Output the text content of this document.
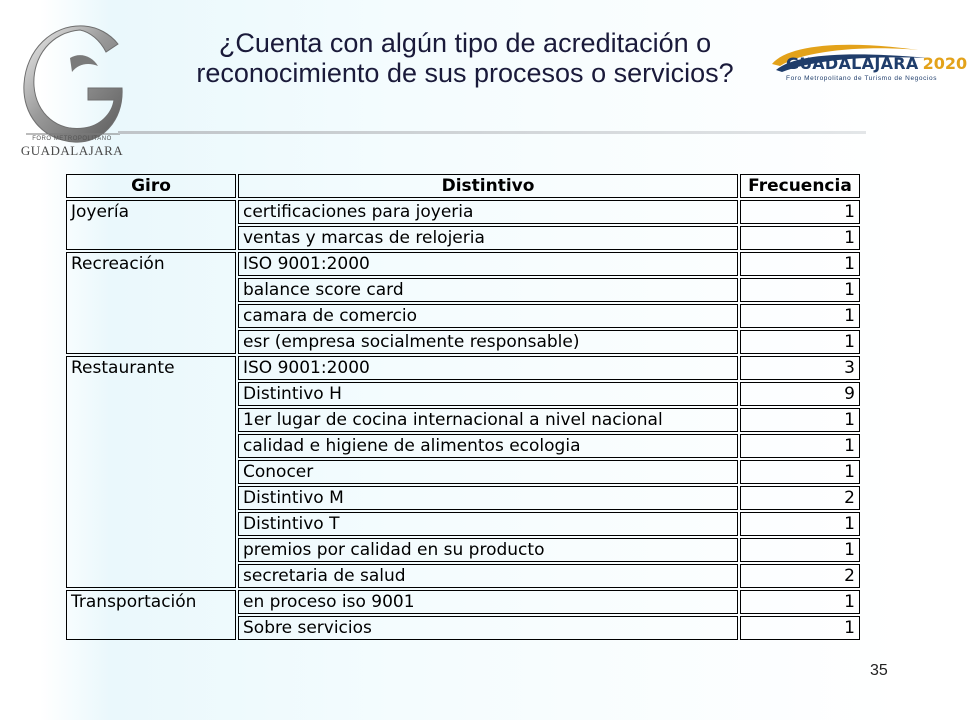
FORO METROPOLITANO
GUADALAJARA
¿Cuenta con algún tipo de acreditación o reconocimiento de sus procesos o servicios?	GUADALAJARA 2020
Foro Metropolitano de Turismo de Negocios
Giro	Distintivo	Frecuencia
Joyería	certificaciones para joyeria	1
	ventas y marcas de relojeria	1
Recreación	ISO 9001:2000	1
	balance score card	1
	camara de comercio	1
	esr (empresa socialmente responsable)	1
Restaurante	ISO 9001:2000	3
	Distintivo H	9
	1er lugar de cocina internacional a nivel nacional	1
	calidad e higiene de alimentos ecologia	1
	Conocer	1
	Distintivo M	2
	Distintivo T	1
	premios por calidad en su producto	1
	secretaria de salud	2
Transportación	en proceso iso 9001	1
	Sobre servicios	1
35
